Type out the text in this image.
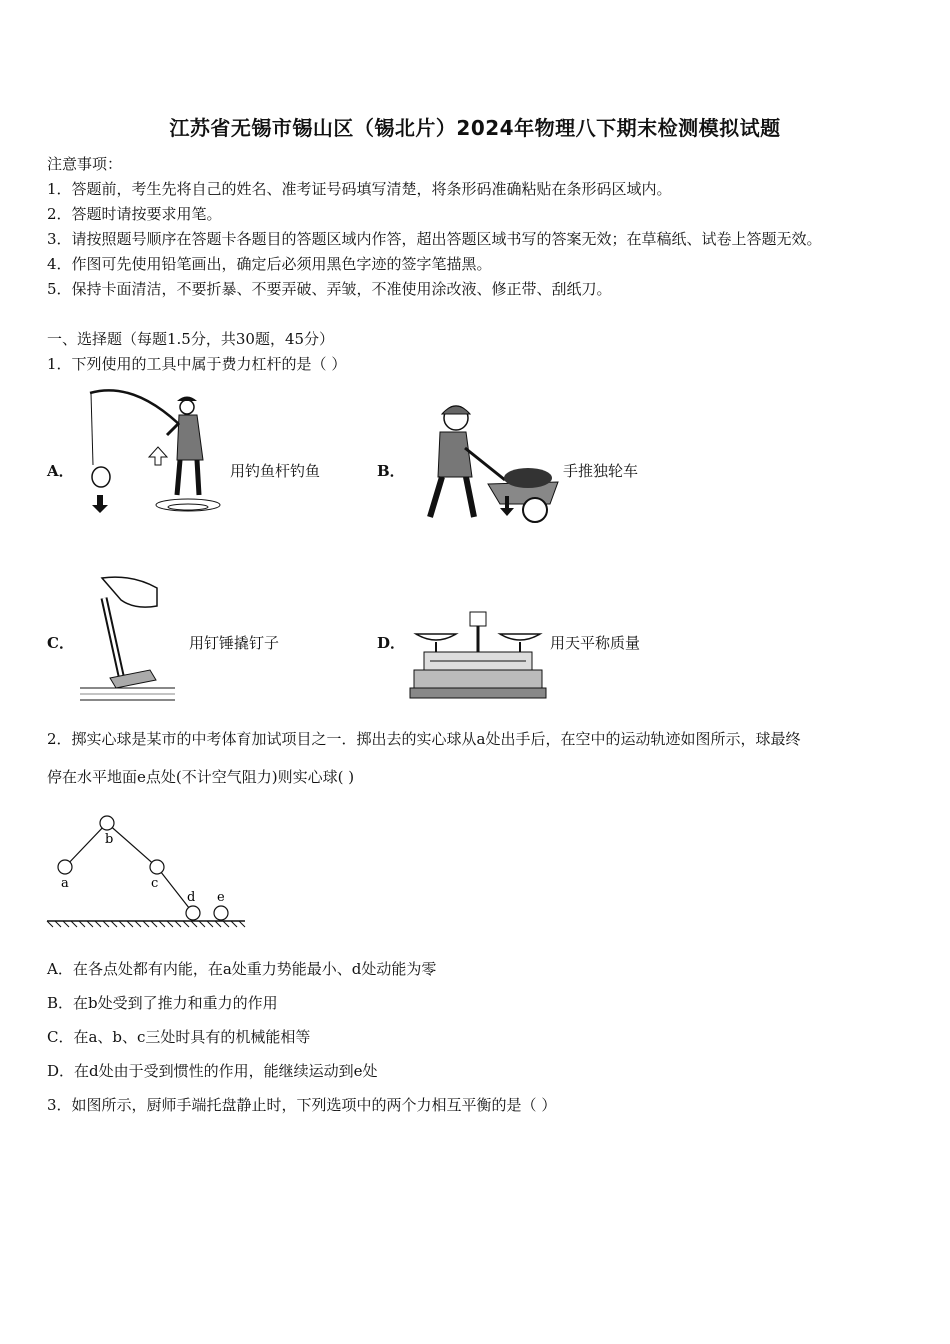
江苏省无锡市锡山区（锡北片）2024年物理八下期末检测模拟试题
注意事项：
1．答题前，考生先将自己的姓名、准考证号码填写清楚，将条形码准确粘贴在条形码区域内。
2．答题时请按要求用笔。
3．请按照题号顺序在答题卡各题目的答题区域内作答，超出答题区域书写的答案无效；在草稿纸、试卷上答题无效。
4．作图可先使用铅笔画出，确定后必须用黑色字迹的签字笔描黑。
5．保持卡面清洁，不要折暴、不要弄破、弄皱，不准使用涂改液、修正带、刮纸刀。
一、选择题（每题1.5分，共30题，45分）
1．下列使用的工具中属于费力杠杆的是（ ）
A．	用钓鱼杆钓鱼	B．	手推独轮车
C．	用钉锤撬钉子	D．	用天平称质量
2．掷实心球是某市的中考体育加试项目之一．掷出去的实心球从a处出手后，在空中的运动轨迹如图所示，球最终
停在水平地面e点处(不计空气阻力)则实心球( )
a
b
c
d e
A．在各点处都有内能，在a处重力势能最小、d处动能为零
B．在b处受到了推力和重力的作用
C．在a、b、c三处时具有的机械能相等
D．在d处由于受到惯性的作用，能继续运动到e处
3．如图所示，厨师手端托盘静止时，下列选项中的两个力相互平衡的是（ ）
